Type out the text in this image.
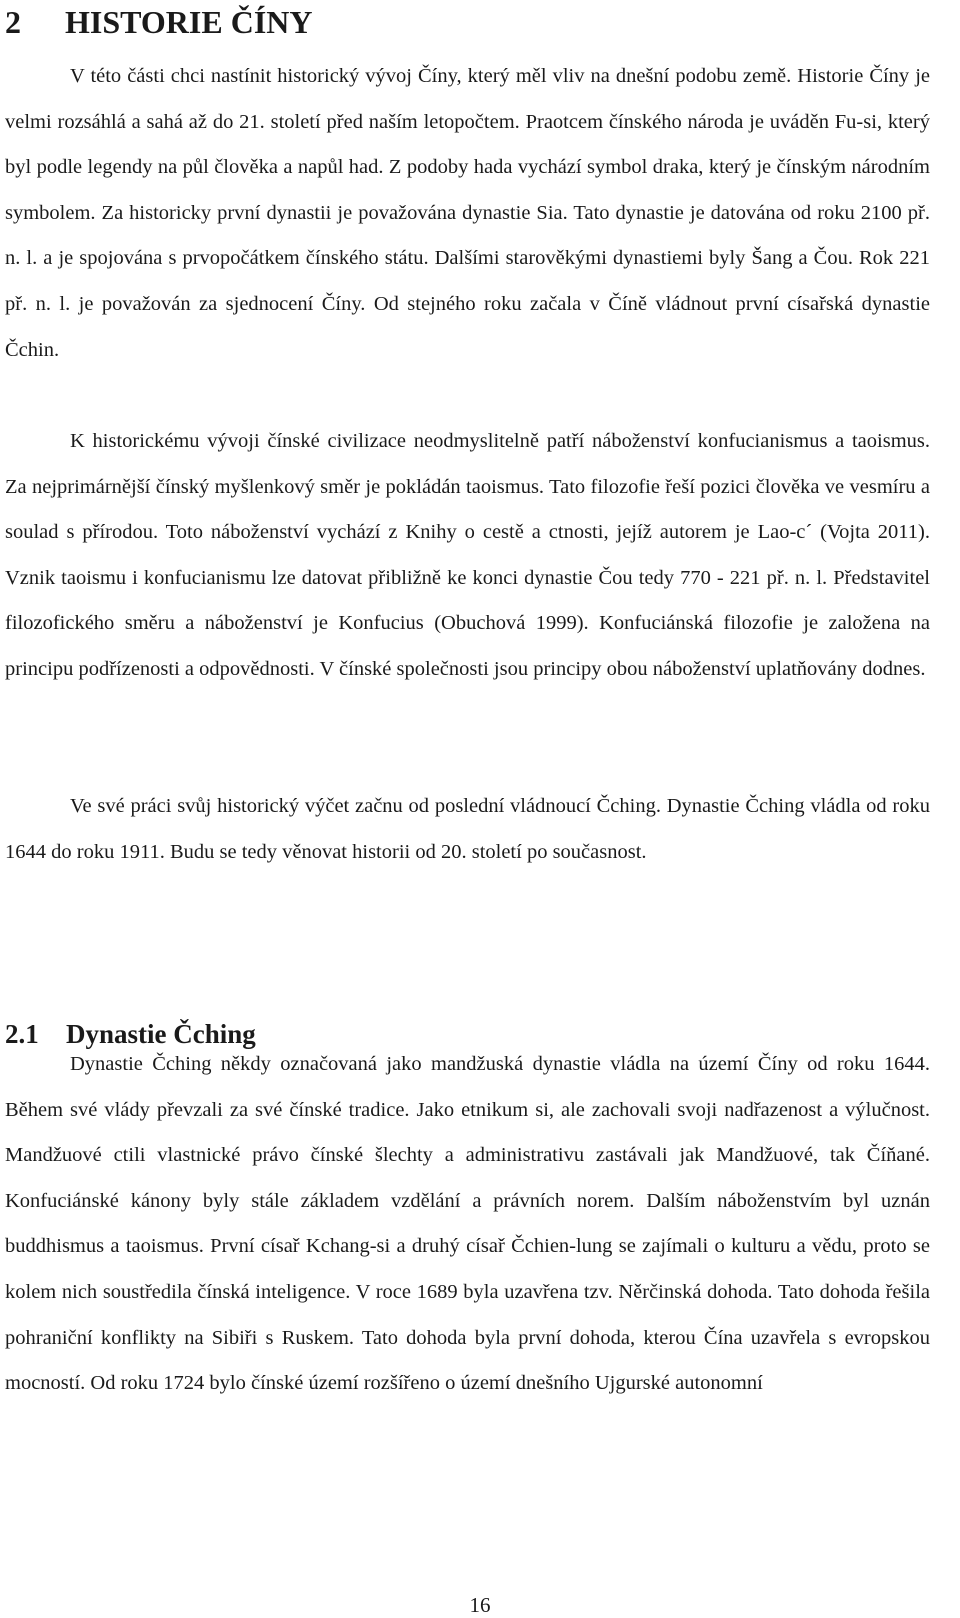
2 HISTORIE ČÍNY

V této části chci nastínit historický vývoj Číny, který měl vliv na dnešní podobu země. Historie Číny je velmi rozsáhlá a sahá až do 21. století před naším letopočtem. Praotcem čínského národa je uváděn Fu-si, který byl podle legendy na půl člověka a napůl had. Z podoby hada vychází symbol draka, který je čínským národním symbolem. Za historicky první dynastii je považována dynastie Sia. Tato dynastie je datována od roku 2100 př. n. l. a je spojována s prvopočátkem čínského státu. Dalšími starověkými dynastiemi byly Šang a Čou. Rok 221 př. n. l. je považován za sjednocení Číny. Od stejného roku začala v Číně vládnout první císařská dynastie Čchin.

K historickému vývoji čínské civilizace neodmyslitelně patří náboženství konfucianismus a taoismus. Za nejprimárnější čínský myšlenkový směr je pokládán taoismus. Tato filozofie řeší pozici člověka ve vesmíru a soulad s přírodou. Toto náboženství vychází z Knihy o cestě a ctnosti, jejíž autorem je Lao-c´ (Vojta 2011). Vznik taoismu i konfucianismu lze datovat přibližně ke konci dynastie Čou tedy 770 - 221 př. n. l. Představitel filozofického směru a náboženství je Konfucius (Obuchová 1999). Konfuciánská filozofie je založena na principu podřízenosti a odpovědnosti. V čínské společnosti jsou principy obou náboženství uplatňovány dodnes.

Ve své práci svůj historický výčet začnu od poslední vládnoucí Čching. Dynastie Čching vládla od roku 1644 do roku 1911. Budu se tedy věnovat historii od 20. století po současnost.

2.1 Dynastie Čching

Dynastie Čching někdy označovaná jako mandžuská dynastie vládla na území Číny od roku 1644. Během své vlády převzali za své čínské tradice. Jako etnikum si, ale zachovali svoji nadřazenost a výlučnost. Mandžuové ctili vlastnické právo čínské šlechty a administrativu zastávali jak Mandžuové, tak Číňané. Konfuciánské kánony byly stále základem vzdělání a právních norem. Dalším náboženstvím byl uznán buddhismus a taoismus. První císař Kchang-si a druhý císař Čchien-lung se zajímali o kulturu a vědu, proto se kolem nich soustředila čínská inteligence. V roce 1689 byla uzavřena tzv. Něrčinská dohoda. Tato dohoda řešila pohraniční konflikty na Sibiři s Ruskem. Tato dohoda byla první dohoda, kterou Čína uzavřela s evropskou mocností. Od roku 1724 bylo čínské území rozšířeno o území dnešního Ujgurské autonomní

16
